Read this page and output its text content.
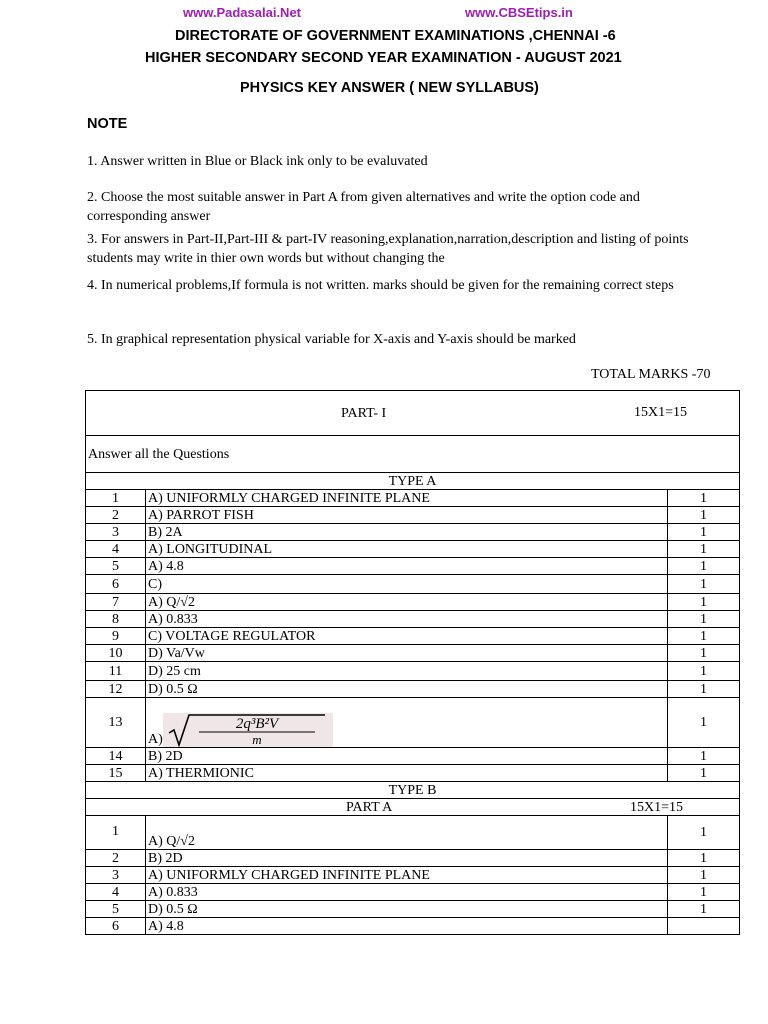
www.Padasalai.Net	www.CBSEtips.in
DIRECTORATE OF GOVERNMENT EXAMINATIONS ,CHENNAI -6
HIGHER SECONDARY SECOND YEAR EXAMINATION - AUGUST 2021
PHYSICS KEY ANSWER ( NEW SYLLABUS)
NOTE
1. Answer written in Blue or Black ink only to be evaluvated
2. Choose the most suitable answer in Part A from given alternatives and write the option code and corresponding answer
3. For answers in Part-II,Part-III & part-IV reasoning,explanation,narration,description and listing of points students may write in thier own words but without changing the
4. In numerical problems,If formula is not written. marks should be given for the remaining correct steps
5. In graphical representation physical variable for X-axis and Y-axis should be marked
TOTAL MARKS -70
PART- I 15X1=15		

Answer all the Questions		
TYPE A		
1	A) UNIFORMLY CHARGED INFINITE PLANE	1
2	A) PARROT FISH	1
3	B) 2A	1
4	A) LONGITUDINAL	1
5	A) 4.8	1
6	C)	1
7	A) Q/√2	1
8	A) 0.833	1
9	C) VOLTAGE REGULATOR	1
10	D) Va/Vw	1
11	D) 25 cm	1
12	D) 0.5 Ω	1
13	A)
2q³B²V
m	1
14	B) 2D	1
15	A) THERMIONIC	1
TYPE B		
PART A 15X1=15		

1	A) Q/√2	1
2	B) 2D	1
3	A) UNIFORMLY CHARGED INFINITE PLANE	1
4	A) 0.833	1
5	D) 0.5 Ω	1
6	A) 4.8	
